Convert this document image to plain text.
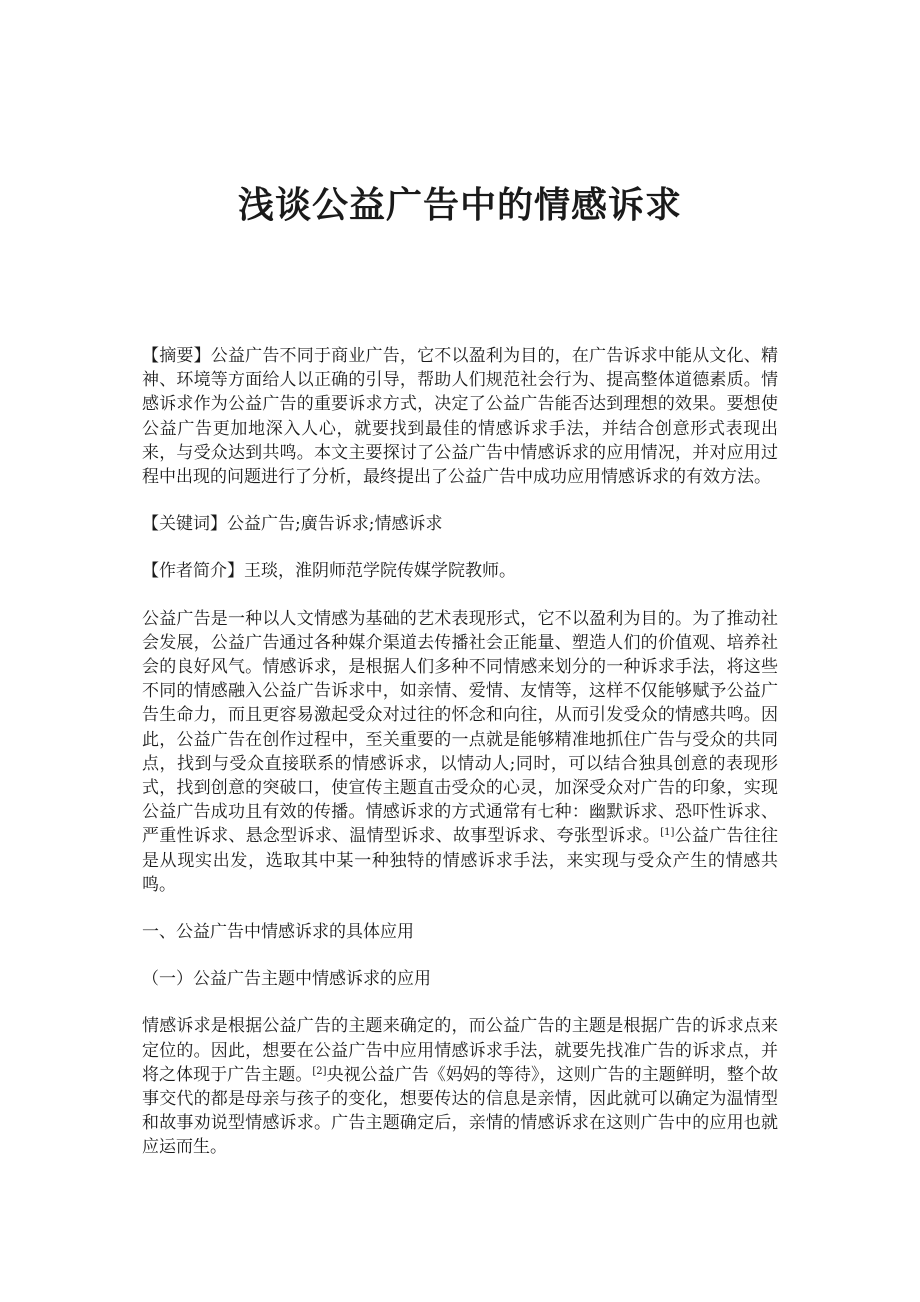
浅谈公益广告中的情感诉求

【摘要】公益广告不同于商业广告，它不以盈利为目的，在广告诉求中能从文化、精神、环境等方面给人以正确的引导，帮助人们规范社会行为、提高整体道德素质。情感诉求作为公益广告的重要诉求方式，决定了公益广告能否达到理想的效果。要想使公益广告更加地深入人心，就要找到最佳的情感诉求手法，并结合创意形式表现出来，与受众达到共鸣。本文主要探讨了公益广告中情感诉求的应用情况，并对应用过程中出现的问题进行了分析，最终提出了公益广告中成功应用情感诉求的有效方法。

【关键词】公益广告;廣告诉求;情感诉求

【作者简介】王琰，淮阴师范学院传媒学院教师。

公益广告是一种以人文情感为基础的艺术表现形式，它不以盈利为目的。为了推动社会发展，公益广告通过各种媒介渠道去传播社会正能量、塑造人们的价值观、培养社会的良好风气。情感诉求，是根据人们多种不同情感来划分的一种诉求手法，将这些不同的情感融入公益广告诉求中，如亲情、爱情、友情等，这样不仅能够赋予公益广告生命力，而且更容易激起受众对过往的怀念和向往，从而引发受众的情感共鸣。因此，公益广告在创作过程中，至关重要的一点就是能够精准地抓住广告与受众的共同点，找到与受众直接联系的情感诉求，以情动人;同时，可以结合独具创意的表现形式，找到创意的突破口，使宣传主题直击受众的心灵，加深受众对广告的印象，实现公益广告成功且有效的传播。情感诉求的方式通常有七种：幽默诉求、恐吓性诉求、严重性诉求、悬念型诉求、温情型诉求、故事型诉求、夸张型诉求。[1]公益广告往往是从现实出发，选取其中某一种独特的情感诉求手法，来实现与受众产生的情感共鸣。

一、公益广告中情感诉求的具体应用

（一）公益广告主题中情感诉求的应用

情感诉求是根据公益广告的主题来确定的，而公益广告的主题是根据广告的诉求点来定位的。因此，想要在公益广告中应用情感诉求手法，就要先找准广告的诉求点，并将之体现于广告主题。[2]央视公益广告《妈妈的等待》，这则广告的主题鲜明，整个故事交代的都是母亲与孩子的变化，想要传达的信息是亲情，因此就可以确定为温情型和故事劝说型情感诉求。广告主题确定后，亲情的情感诉求在这则广告中的应用也就应运而生。
